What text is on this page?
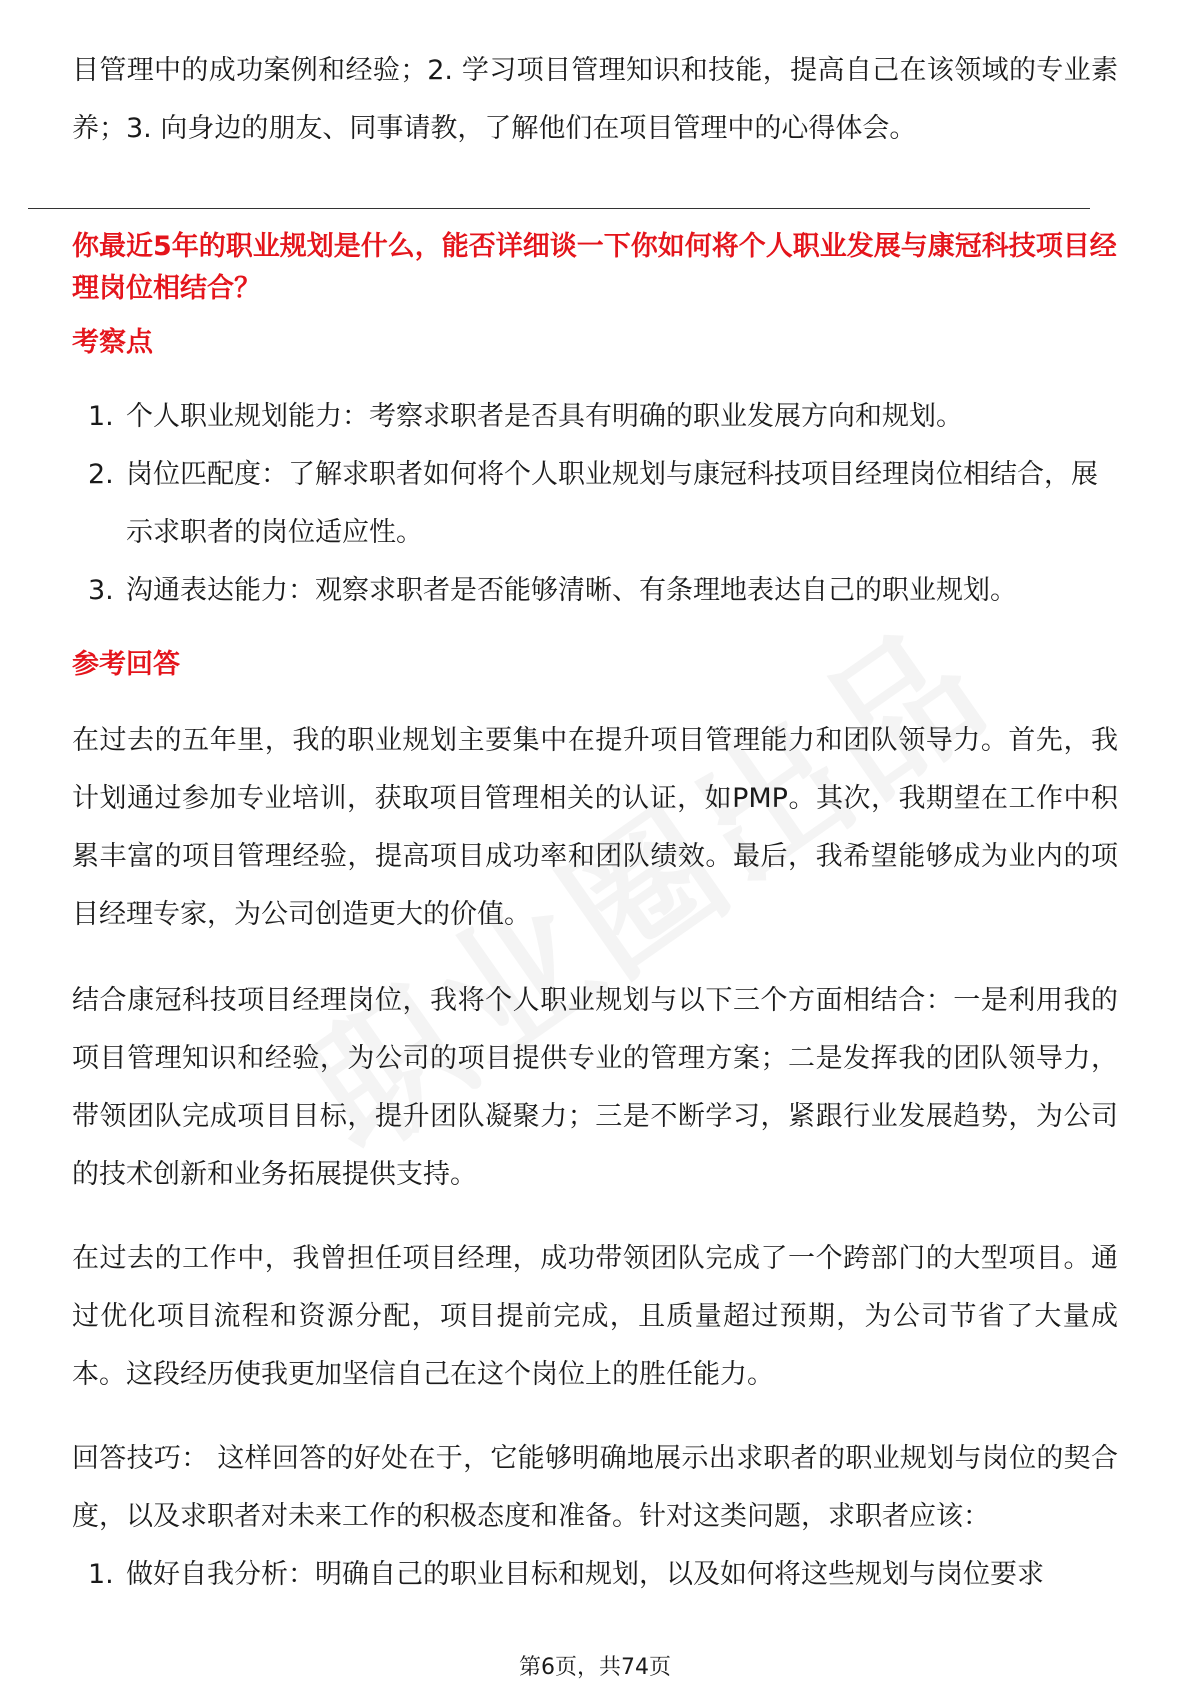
目管理中的成功案例和经验；2. 学习项目管理知识和技能，提高自己在该领域的专业素养；3. 向身边的朋友、同事请教，了解他们在项目管理中的心得体会。

你最近5年的职业规划是什么，能否详细谈一下你如何将个人职业发展与康冠科技项目经理岗位相结合？

考察点

1. 个人职业规划能力：考察求职者是否具有明确的职业发展方向和规划。
2. 岗位匹配度：了解求职者如何将个人职业规划与康冠科技项目经理岗位相结合，展示求职者的岗位适应性。
3. 沟通表达能力：观察求职者是否能够清晰、有条理地表达自己的职业规划。

参考回答

在过去的五年里，我的职业规划主要集中在提升项目管理能力和团队领导力。首先，我计划通过参加专业培训，获取项目管理相关的认证，如PMP。其次，我期望在工作中积累丰富的项目管理经验，提高项目成功率和团队绩效。最后，我希望能够成为业内的项目经理专家，为公司创造更大的价值。

结合康冠科技项目经理岗位，我将个人职业规划与以下三个方面相结合：一是利用我的项目管理知识和经验，为公司的项目提供专业的管理方案；二是发挥我的团队领导力，带领团队完成项目目标，提升团队凝聚力；三是不断学习，紧跟行业发展趋势，为公司的技术创新和业务拓展提供支持。

在过去的工作中，我曾担任项目经理，成功带领团队完成了一个跨部门的大型项目。通过优化项目流程和资源分配，项目提前完成，且质量超过预期，为公司节省了大量成本。这段经历使我更加坚信自己在这个岗位上的胜任能力。

回答技巧： 这样回答的好处在于，它能够明确地展示出求职者的职业规划与岗位的契合度，以及求职者对未来工作的积极态度和准备。针对这类问题，求职者应该：

1. 做好自我分析：明确自己的职业目标和规划，以及如何将这些规划与岗位要求
第6页，共74页
